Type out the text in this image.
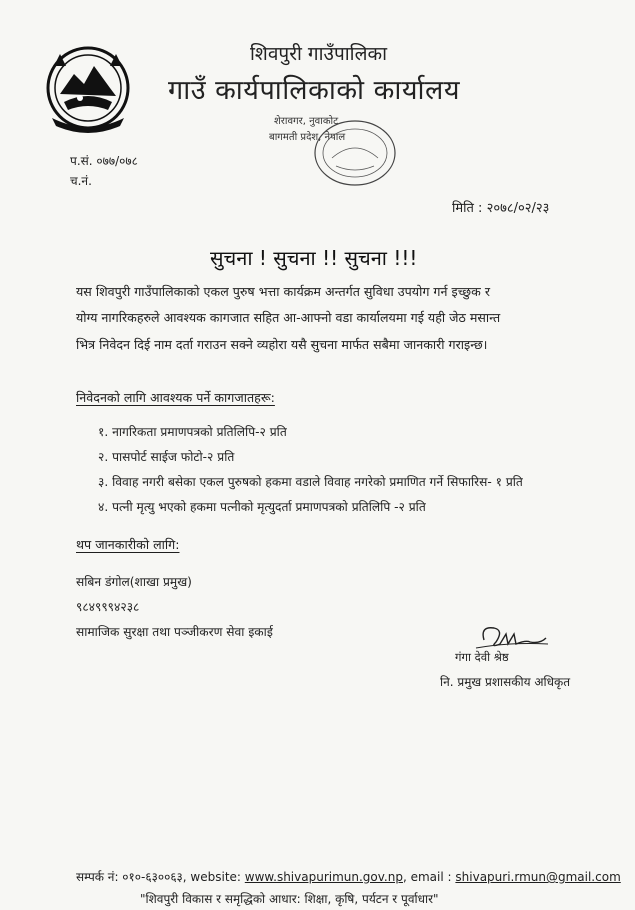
शिवपुरी गाउँपालिका
गाउँ कार्यपालिकाको कार्यालय
शेरावगर, नुवाकोट
बागमती प्रदेश, नेपाल
प.सं. ०७७/०७८
च.नं.
मिति : २०७८/०२/२३
सुचना ! सुचना !! सुचना !!!
यस शिवपुरी गाउँपालिकाको एकल पुरुष भत्ता कार्यक्रम अन्तर्गत सुविधा उपयोग गर्न इच्छुक र
योग्य नागरिकहरुले आवश्यक कागजात सहित आ-आफ्नो वडा कार्यालयमा गई यही जेठ मसान्त
भित्र निवेदन दिई नाम दर्ता गराउन सक्ने व्यहोरा यसै सुचना मार्फत सबैमा जानकारी गराइन्छ।
निवेदनको लागि आवश्यक पर्ने कागजातहरू:
१. नागरिकता प्रमाणपत्रको प्रतिलिपि-२ प्रति
२. पासपोर्ट साईज फोटो-२ प्रति
३. विवाह नगरी बसेका एकल पुरुषको हकमा वडाले विवाह नगरेको प्रमाणित गर्ने सिफारिस- १ प्रति
४. पत्नी मृत्यु भएको हकमा पत्नीको मृत्युदर्ता प्रमाणपत्रको प्रतिलिपि -२ प्रति
थप जानकारीको लागि:
सबिन डंगोल(शाखा प्रमुख)
९८४९९९४२३८
सामाजिक सुरक्षा तथा पञ्जीकरण सेवा इकाई
गंगा देवी श्रेष्ठ
नि. प्रमुख प्रशासकीय अधिकृत
सम्पर्क नं: ०१०-६३००६३, website: www.shivapurimun.gov.np, email : shivapuri.rmun@gmail.com
"शिवपुरी विकास र समृद्धिको आधार: शिक्षा, कृषि, पर्यटन र पूर्वाधार"
